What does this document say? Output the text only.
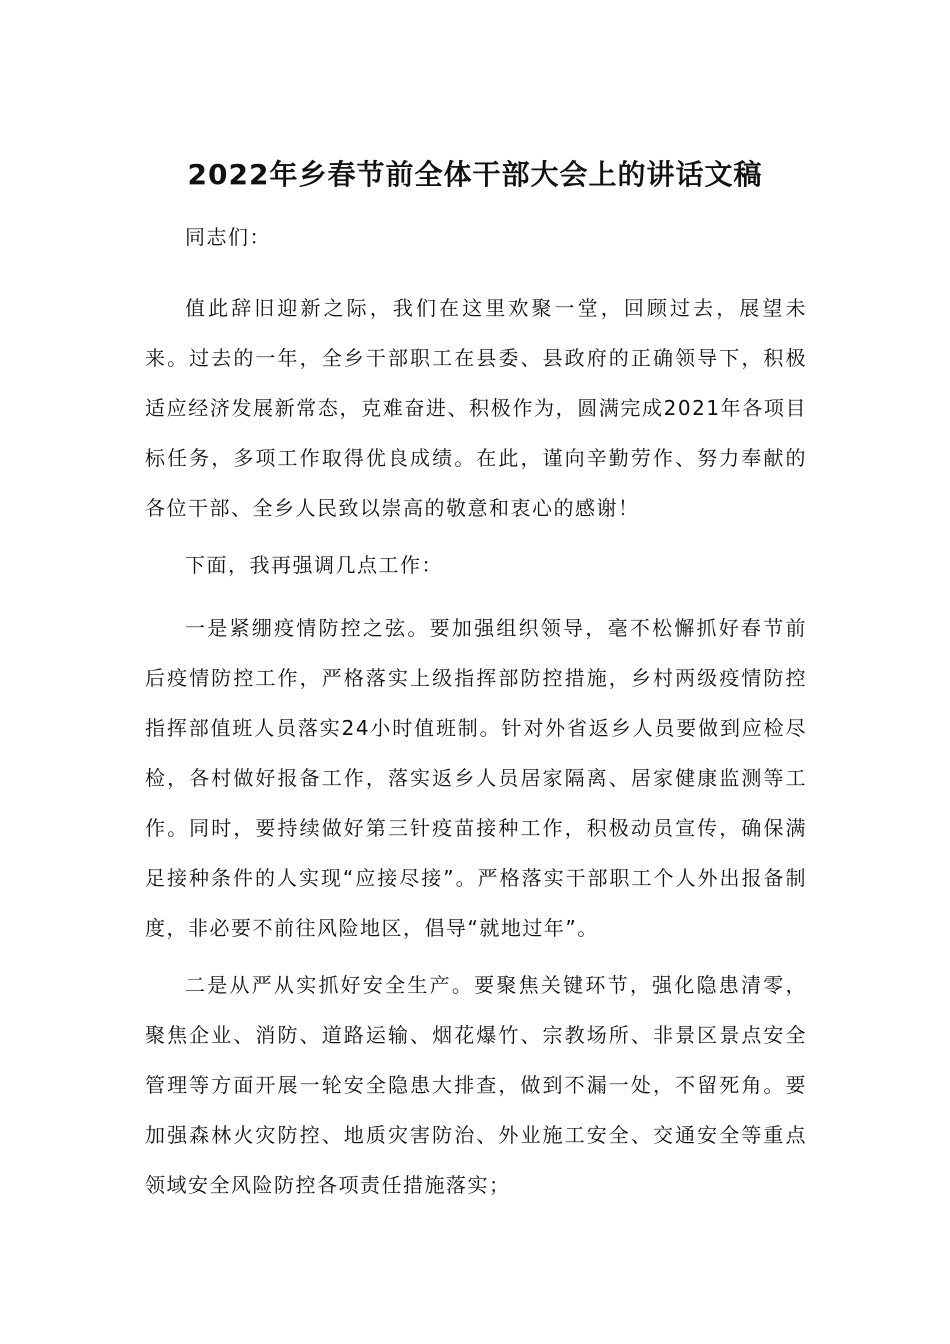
2022年乡春节前全体干部大会上的讲话文稿

同志们：

值此辞旧迎新之际，我们在这里欢聚一堂，回顾过去，展望未来。过去的一年，全乡干部职工在县委、县政府的正确领导下，积极适应经济发展新常态，克难奋进、积极作为，圆满完成2021年各项目标任务，多项工作取得优良成绩。在此，谨向辛勤劳作、努力奉献的各位干部、全乡人民致以崇高的敬意和衷心的感谢！

下面，我再强调几点工作：

一是紧绷疫情防控之弦。要加强组织领导，毫不松懈抓好春节前后疫情防控工作，严格落实上级指挥部防控措施，乡村两级疫情防控指挥部值班人员落实24小时值班制。针对外省返乡人员要做到应检尽检，各村做好报备工作，落实返乡人员居家隔离、居家健康监测等工作。同时，要持续做好第三针疫苗接种工作，积极动员宣传，确保满足接种条件的人实现“应接尽接”。严格落实干部职工个人外出报备制度，非必要不前往风险地区，倡导“就地过年”。

二是从严从实抓好安全生产。要聚焦关键环节，强化隐患清零，聚焦企业、消防、道路运输、烟花爆竹、宗教场所、非景区景点安全管理等方面开展一轮安全隐患大排查，做到不漏一处，不留死角。要加强森林火灾防控、地质灾害防治、外业施工安全、交通安全等重点领域安全风险防控各项责任措施落实；
